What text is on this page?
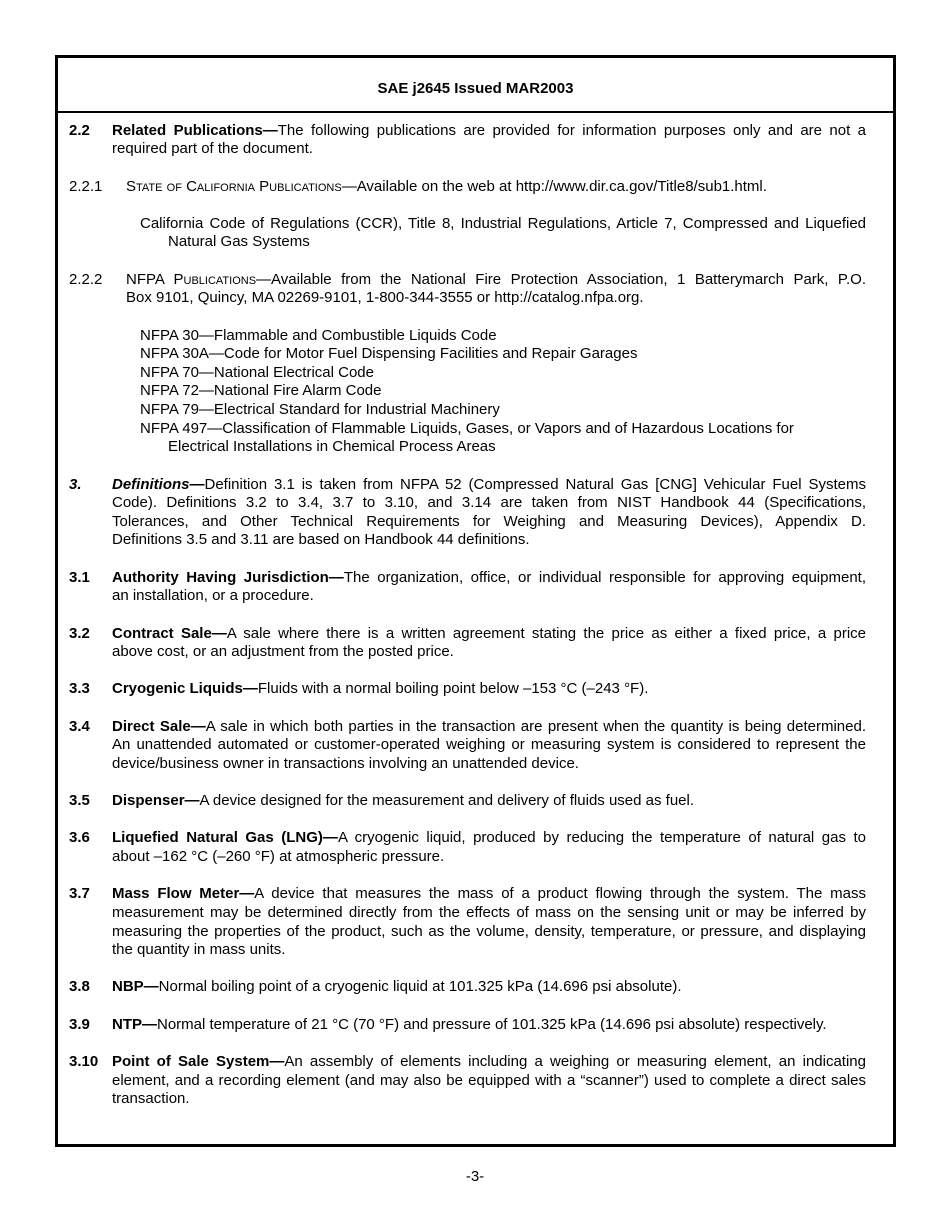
SAE j2645 Issued MAR2003
2.2 Related Publications—The following publications are provided for information purposes only and are not a
required part of the document.
2.2.1 State of California Publications—Available on the web at http://www.dir.ca.gov/Title8/sub1.html.
California Code of Regulations (CCR), Title 8, Industrial Regulations, Article 7, Compressed and Liquefied
Natural Gas Systems
2.2.2 NFPA Publications—Available from the National Fire Protection Association, 1 Batterymarch Park, P.O.
Box 9101, Quincy, MA 02269-9101, 1-800-344-3555 or http://catalog.nfpa.org.
NFPA 30—Flammable and Combustible Liquids Code
NFPA 30A—Code for Motor Fuel Dispensing Facilities and Repair Garages
NFPA 70—National Electrical Code
NFPA 72—National Fire Alarm Code
NFPA 79—Electrical Standard for Industrial Machinery
NFPA 497—Classification of Flammable Liquids, Gases, or Vapors and of Hazardous Locations for
Electrical Installations in Chemical Process Areas
3. Definitions—Definition 3.1 is taken from NFPA 52 (Compressed Natural Gas [CNG] Vehicular Fuel Systems
Code). Definitions 3.2 to 3.4, 3.7 to 3.10, and 3.14 are taken from NIST Handbook 44 (Specifications,
Tolerances, and Other Technical Requirements for Weighing and Measuring Devices), Appendix D.
Definitions 3.5 and 3.11 are based on Handbook 44 definitions.
3.1 Authority Having Jurisdiction—The organization, office, or individual responsible for approving equipment,
an installation, or a procedure.
3.2 Contract Sale—A sale where there is a written agreement stating the price as either a fixed price, a price
above cost, or an adjustment from the posted price.
3.3 Cryogenic Liquids—Fluids with a normal boiling point below –153 °C (–243 °F).
3.4 Direct Sale—A sale in which both parties in the transaction are present when the quantity is being determined.
An unattended automated or customer-operated weighing or measuring system is considered to represent the
device/business owner in transactions involving an unattended device.
3.5 Dispenser—A device designed for the measurement and delivery of fluids used as fuel.
3.6 Liquefied Natural Gas (LNG)—A cryogenic liquid, produced by reducing the temperature of natural gas to
about –162 °C (–260 °F) at atmospheric pressure.
3.7 Mass Flow Meter—A device that measures the mass of a product flowing through the system. The mass
measurement may be determined directly from the effects of mass on the sensing unit or may be inferred by
measuring the properties of the product, such as the volume, density, temperature, or pressure, and displaying
the quantity in mass units.
3.8 NBP—Normal boiling point of a cryogenic liquid at 101.325 kPa (14.696 psi absolute).
3.9 NTP—Normal temperature of 21 °C (70 °F) and pressure of 101.325 kPa (14.696 psi absolute) respectively.
3.10 Point of Sale System—An assembly of elements including a weighing or measuring element, an indicating
element, and a recording element (and may also be equipped with a “scanner”) used to complete a direct sales
transaction.
-3-
